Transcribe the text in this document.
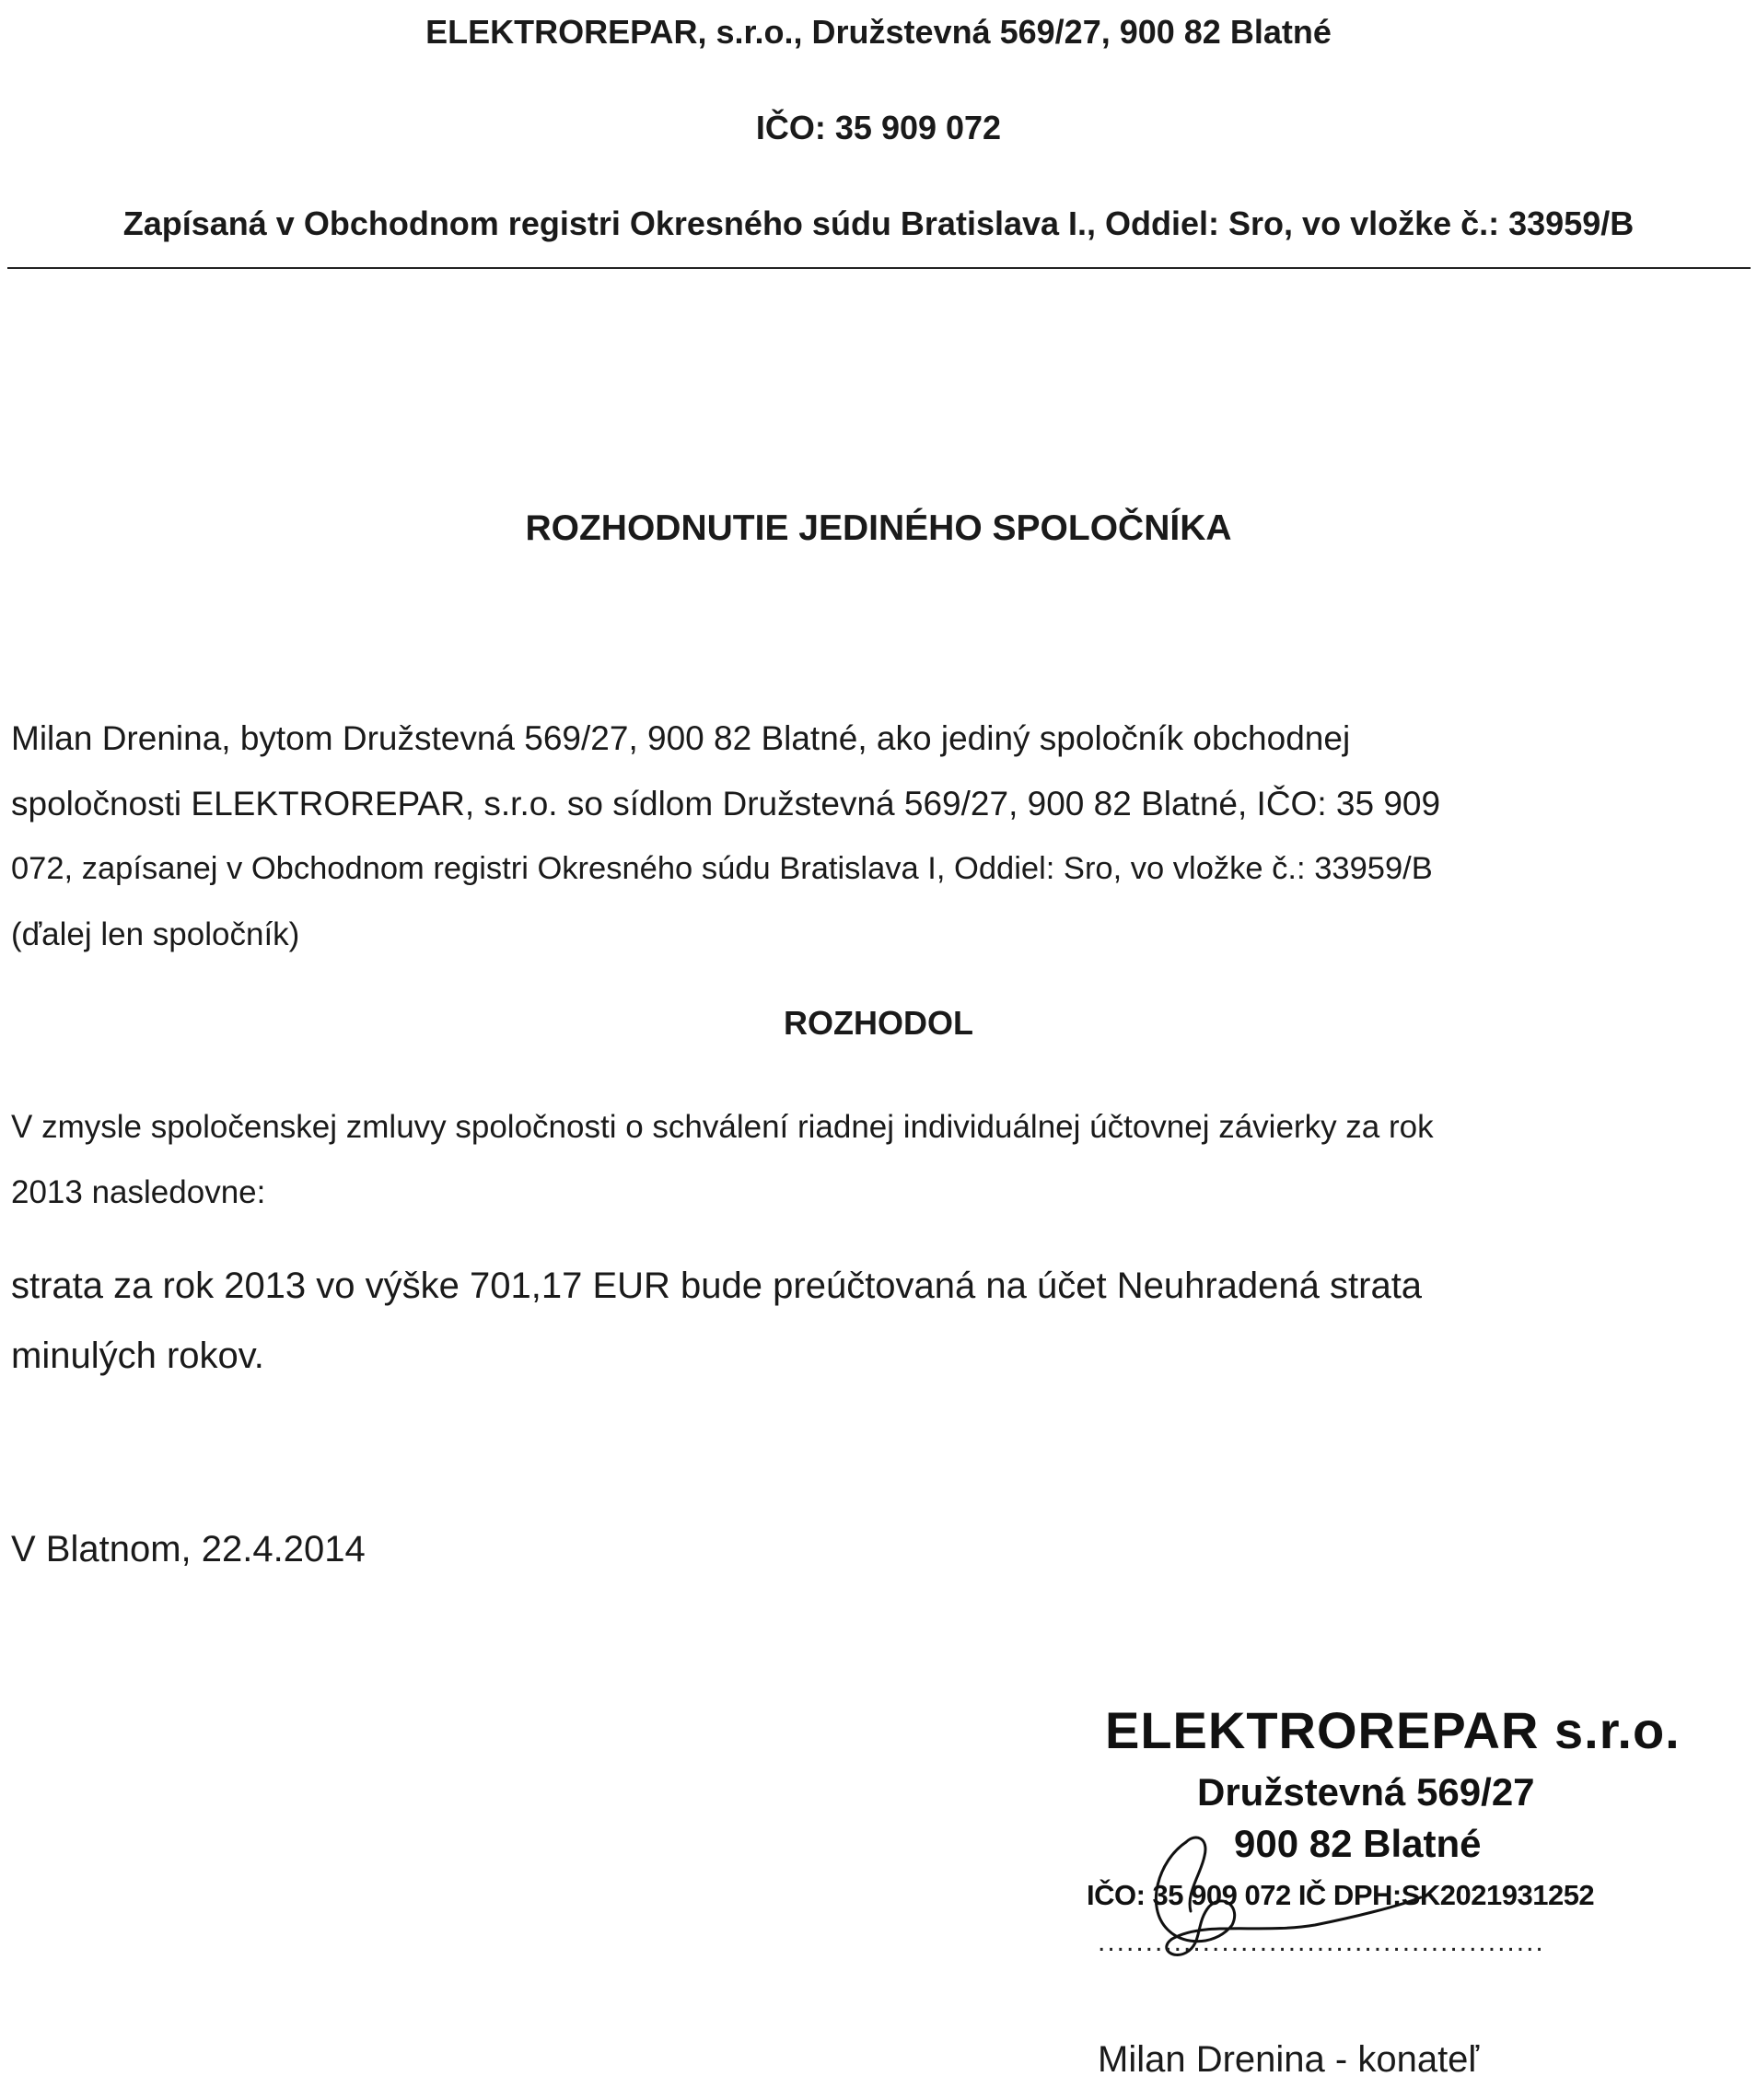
ELEKTROREPAR, s.r.o., Družstevná 569/27, 900 82 Blatné
IČO: 35 909 072
Zapísaná v Obchodnom registri Okresného súdu Bratislava I., Oddiel: Sro, vo vložke č.: 33959/B
ROZHODNUTIE JEDINÉHO SPOLOČNÍKA
Milan Drenina, bytom Družstevná 569/27, 900 82 Blatné, ako jediný spoločník obchodnej
spoločnosti ELEKTROREPAR, s.r.o. so sídlom Družstevná 569/27, 900 82 Blatné, IČO: 35 909
072, zapísanej v Obchodnom registri Okresného súdu Bratislava I, Oddiel: Sro, vo vložke č.: 33959/B
(ďalej len spoločník)
ROZHODOL
V zmysle spoločenskej zmluvy spoločnosti o schválení riadnej individuálnej účtovnej závierky za rok
2013 nasledovne:
strata za rok 2013 vo výške 701,17 EUR bude preúčtovaná na účet Neuhradená strata
minulých rokov.
V Blatnom, 22.4.2014
ELEKTROREPAR s.r.o.
Družstevná 569/27
900 82 Blatné
IČO: 35 909 072 IČ DPH:SK2021931252
...............................................
Milan Drenina - konateľ
